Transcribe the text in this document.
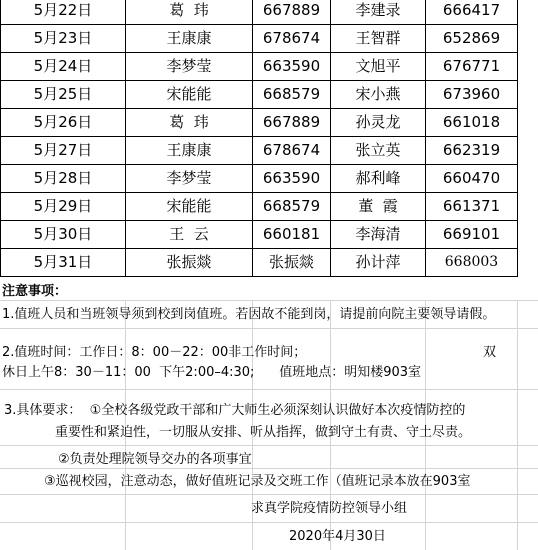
5月22日	葛  玮	667889	李建录	666417
5月23日	王康康	678674	王智群	652869
5月24日	李梦莹	663590	文旭平	676771
5月25日	宋能能	668579	宋小燕	673960
5月26日	葛  玮	667889	孙灵龙	661018
5月27日	王康康	678674	张立英	662319
5月28日	李梦莹	663590	郝利峰	660470
5月29日	宋能能	668579	董  霞	661371
5月30日	王  云	660181	李海清	669101
5月31日	张振燚	张振燚	孙计萍	668003
注意事项：
1.值班人员和当班领导须到校到岗值班。若因故不能到岗，请提前向院主要领导请假。
2.值班时间：工作日：8：00－22：00非工作时间；	双
休日上午8：30－11：00  下午2:00–4:30;      值班地点：明知楼903室
3.具体要求：  ①全校各级党政干部和广大师生必须深刻认识做好本次疫情防控的
重要性和紧迫性，一切服从安排、听从指挥，做到守土有责、守土尽责。
②负责处理院领导交办的各项事宜
③巡视校园，注意动态，做好值班记录及交班工作（值班记录本放在903室
求真学院疫情防控领导小组
2020年4月30日
